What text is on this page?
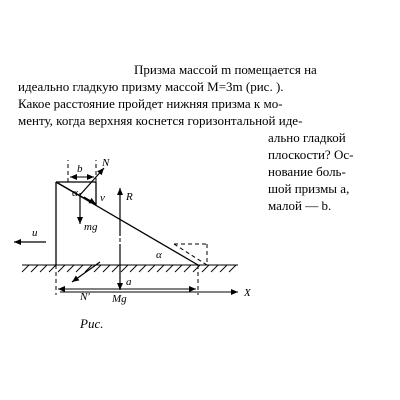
Призма массой m помещается на
идеально гладкую призму массой M=3m (рис. ).
Какое расстояние пройдет нижняя призма к мо-
менту, когда верхняя коснется горизонтальной иде-
ально гладкой
плоскости? Ос-
нование боль-
шой призмы a,
малой — b.
N
v R
mg
u
α
α
b
a
N′ Mg	X
Рис.
